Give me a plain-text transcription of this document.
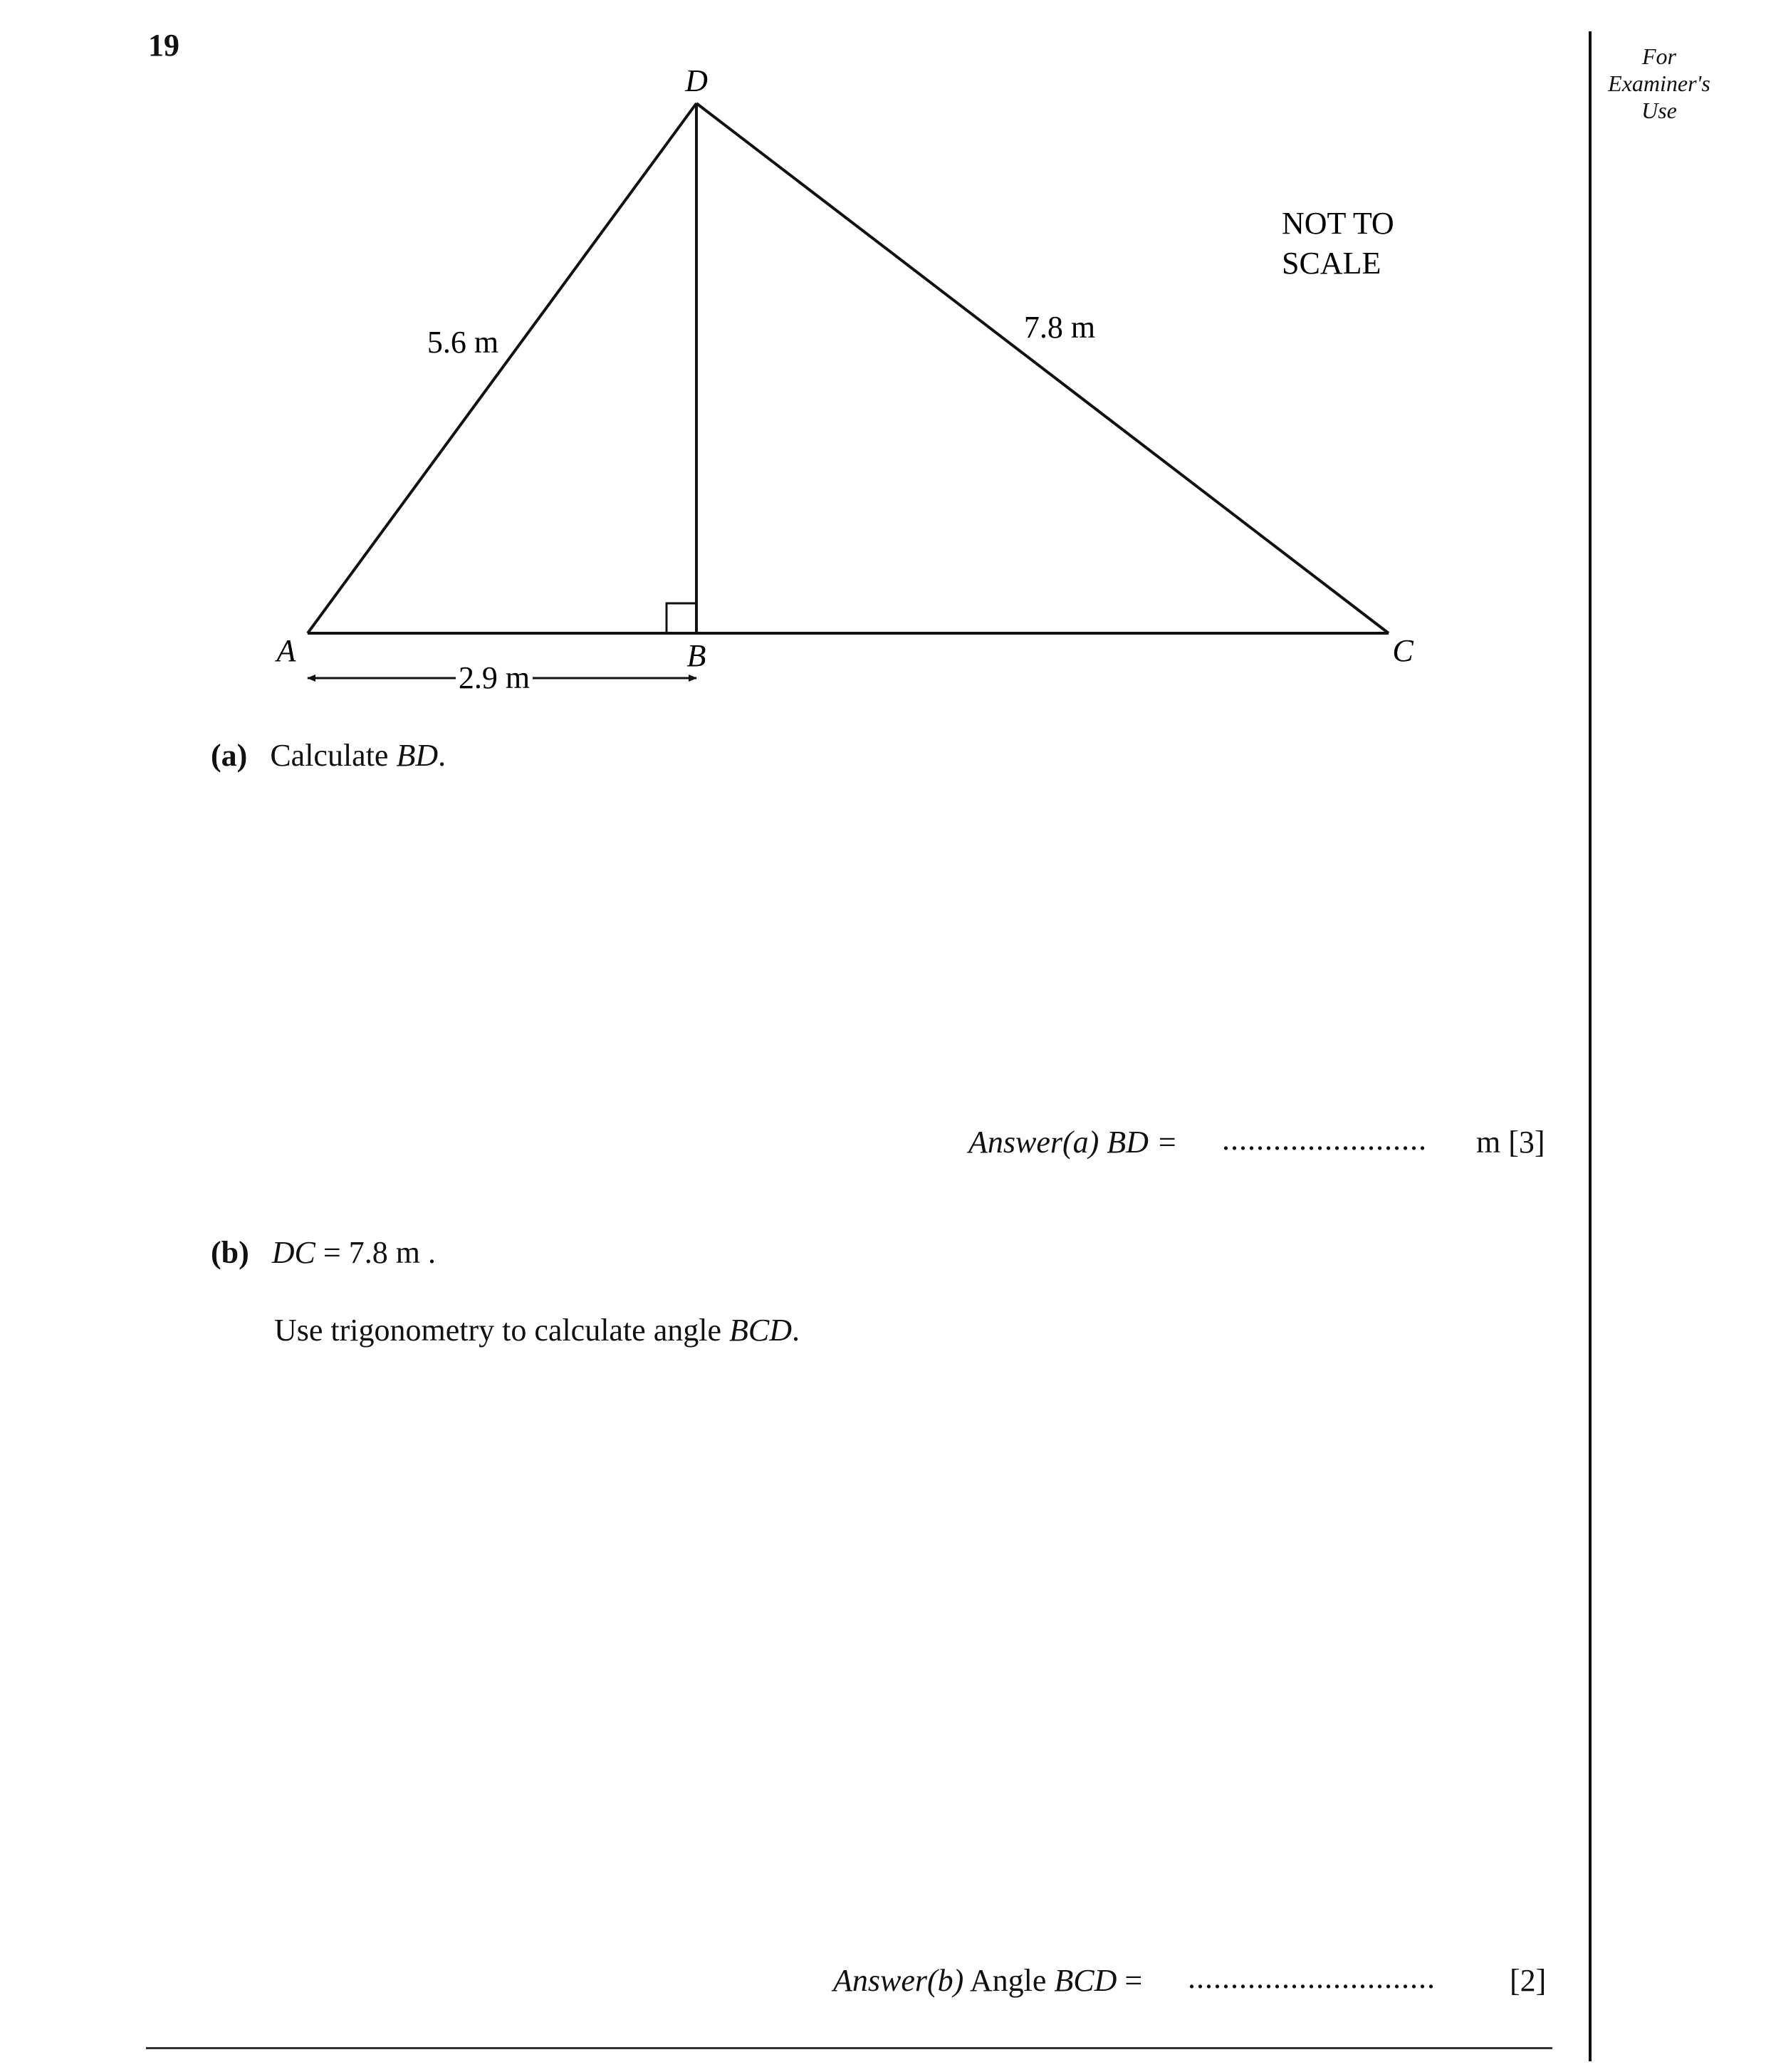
19	For
Examiner's
Use
D
A	B	C
5.6 m	7.8 m
2.9 m
NOT TO
SCALE
(a) Calculate BD.
Answer(a) BD = ........................	m [3]
(b) DC = 7.8 m .
Use trigonometry to calculate angle BCD.
Answer(b) Angle BCD = .............................	[2]
